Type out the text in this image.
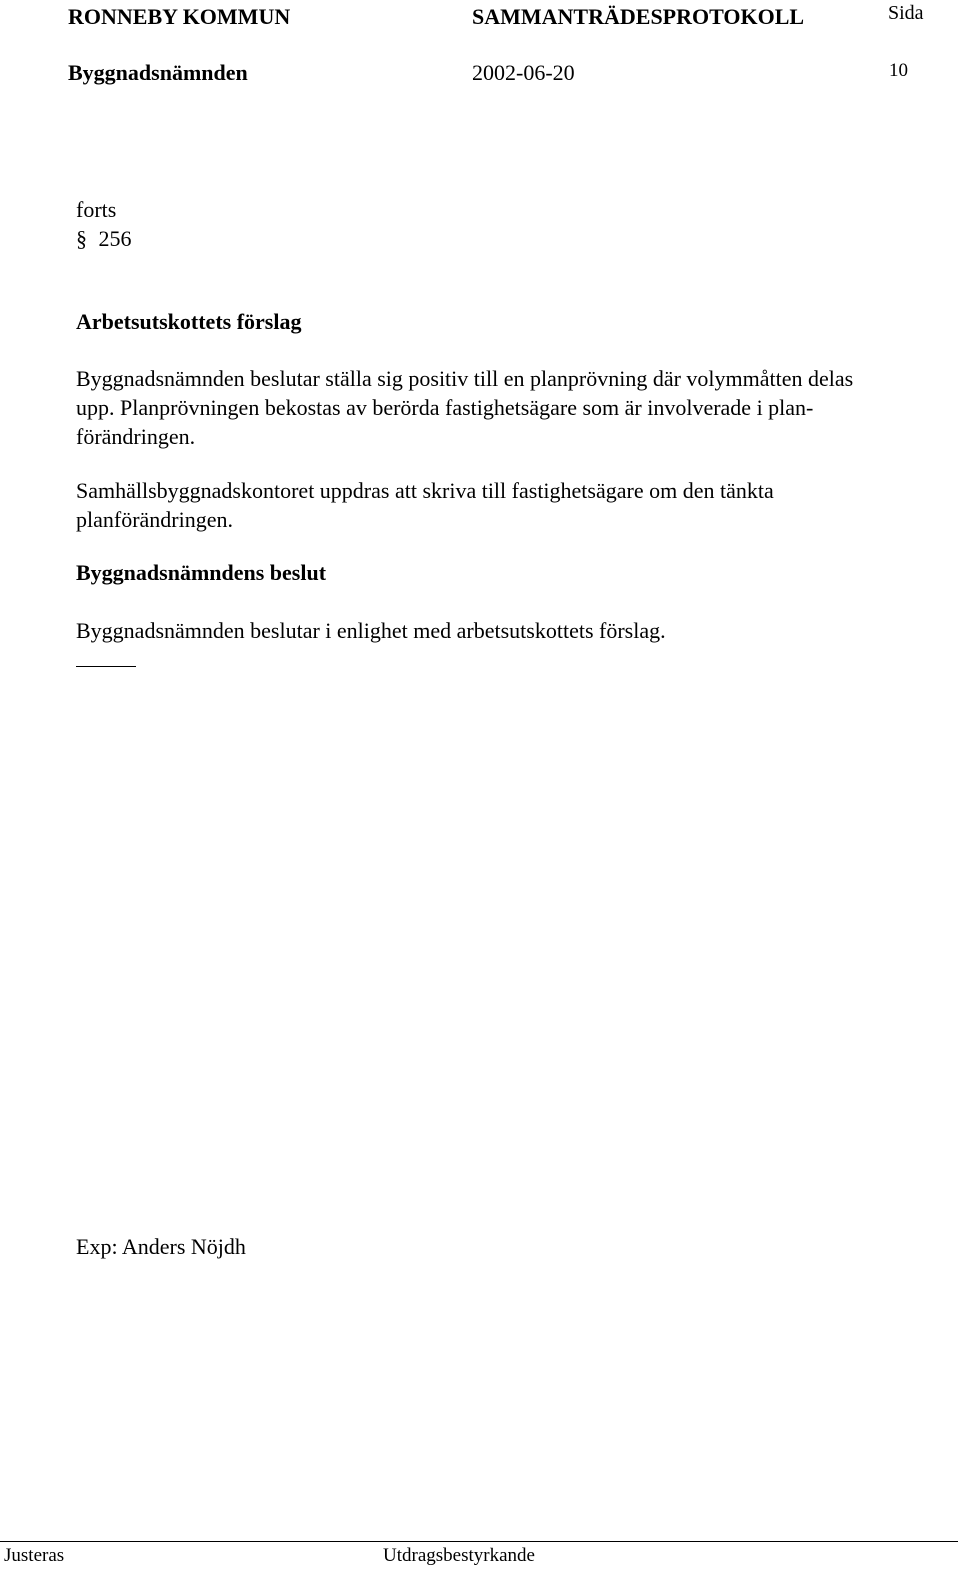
RONNEBY KOMMUN	SAMMANTRÄDESPROTOKOLL	Sida
Byggnadsnämnden	2002-06-20	10
forts
§ 256
Arbetsutskottets förslag
Byggnadsnämnden beslutar ställa sig positiv till en planprövning där volymmåtten delas
upp. Planprövningen bekostas av berörda fastighetsägare som är involverade i plan-
förändringen.
Samhällsbyggnadskontoret uppdras att skriva till fastighetsägare om den tänkta
planförändringen.
Byggnadsnämndens beslut
Byggnadsnämnden beslutar i enlighet med arbetsutskottets förslag.
Exp: Anders Nöjdh
Justeras	Utdragsbestyrkande
